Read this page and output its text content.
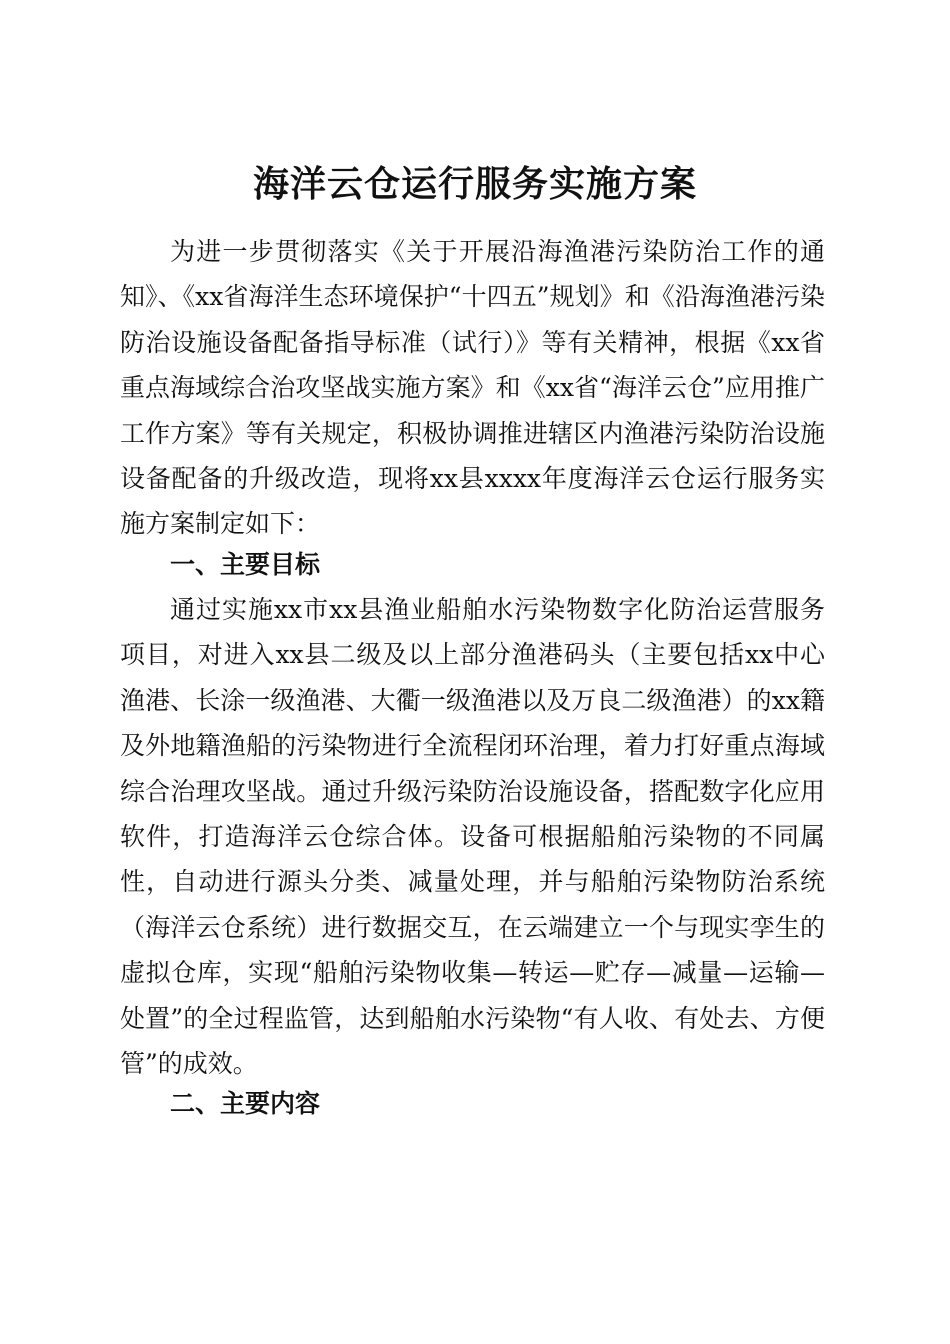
海洋云仓运行服务实施方案

为进一步贯彻落实《关于开展沿海渔港污染防治工作的通知》、《xx省海洋生态环境保护“十四五”规划》和《沿海渔港污染防治设施设备配备指导标准（试行）》等有关精神，根据《xx省重点海域综合治攻坚战实施方案》和《xx省“海洋云仓”应用推广工作方案》等有关规定，积极协调推进辖区内渔港污染防治设施设备配备的升级改造，现将xx县xxxx年度海洋云仓运行服务实施方案制定如下：

一、主要目标

通过实施xx市xx县渔业船舶水污染物数字化防治运营服务项目，对进入xx县二级及以上部分渔港码头（主要包括xx中心渔港、长涂一级渔港、大衢一级渔港以及万良二级渔港）的xx籍及外地籍渔船的污染物进行全流程闭环治理，着力打好重点海域综合治理攻坚战。通过升级污染防治设施设备，搭配数字化应用软件，打造海洋云仓综合体。设备可根据船舶污染物的不同属性，自动进行源头分类、减量处理，并与船舶污染物防治系统（海洋云仓系统）进行数据交互，在云端建立一个与现实孪生的虚拟仓库，实现“船舶污染物收集—转运—贮存—减量—运输—处置”的全过程监管，达到船舶水污染物“有人收、有处去、方便管”的成效。

二、主要内容
